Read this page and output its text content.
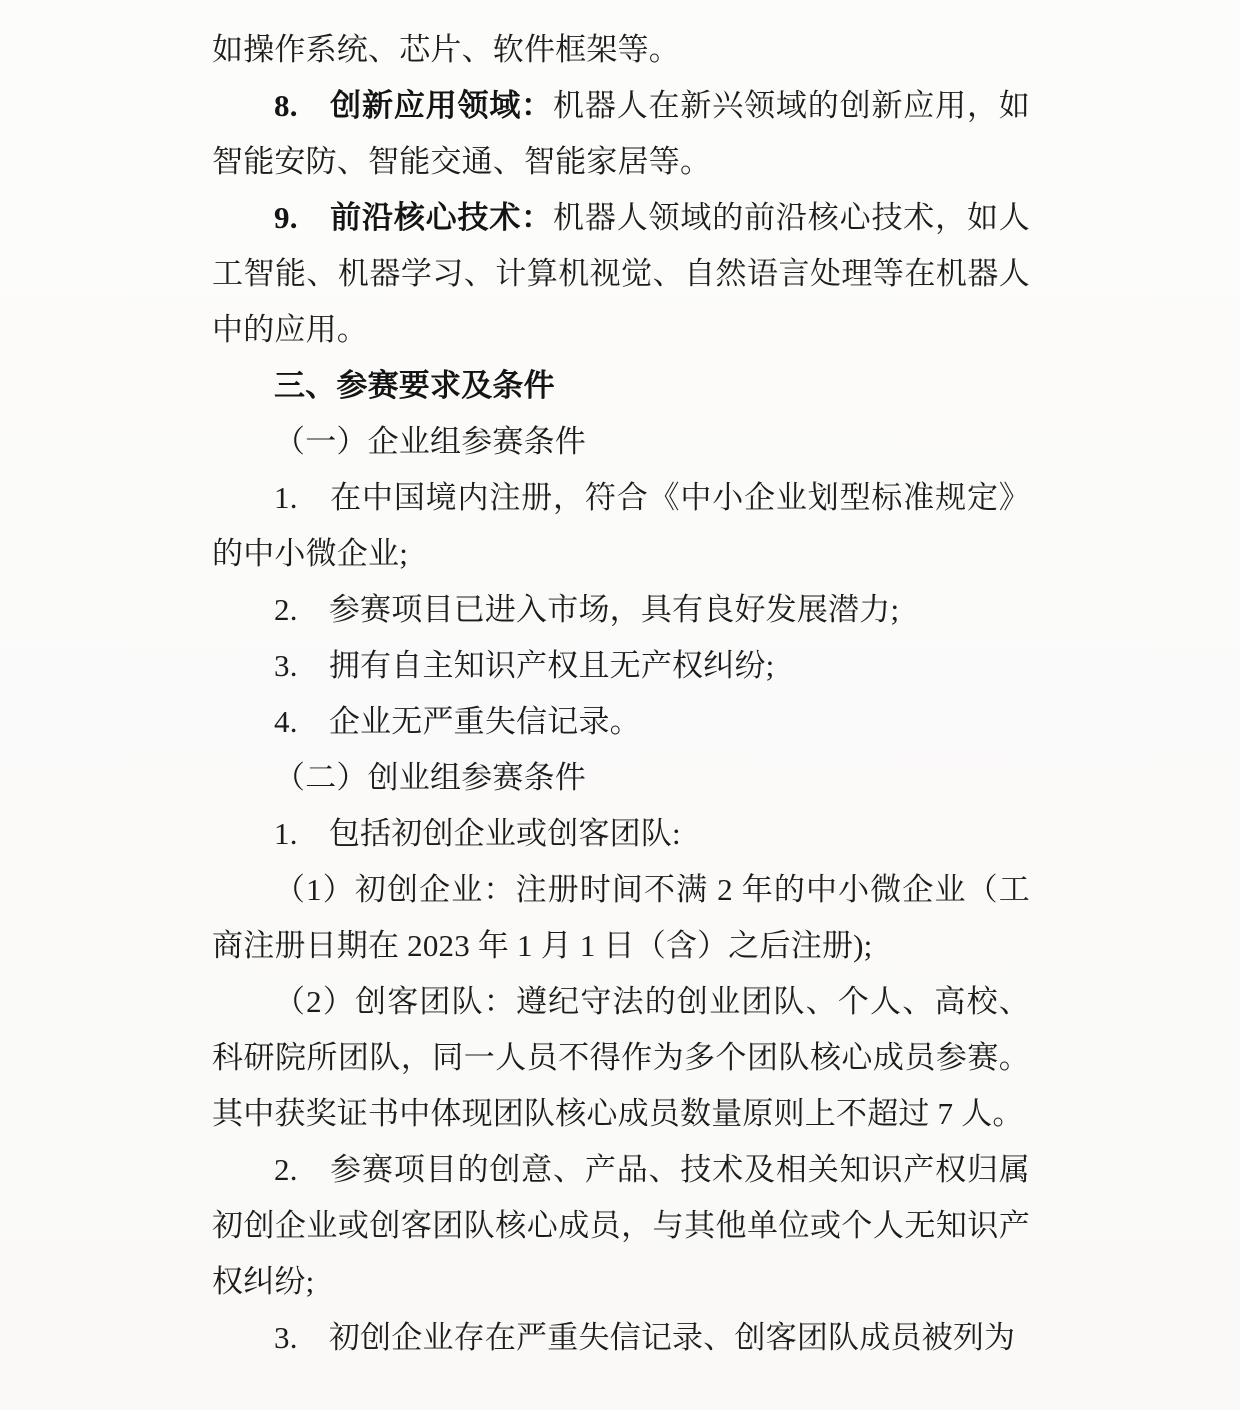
如操作系统、芯片、软件框架等。

8.　创新应用领域：机器人在新兴领域的创新应用，如智能安防、智能交通、智能家居等。

9.　前沿核心技术：机器人领域的前沿核心技术，如人工智能、机器学习、计算机视觉、自然语言处理等在机器人中的应用。

三、参赛要求及条件

（一）企业组参赛条件

1.　在中国境内注册，符合《中小企业划型标准规定》的中小微企业;

2.　参赛项目已进入市场，具有良好发展潜力;

3.　拥有自主知识产权且无产权纠纷;

4.　企业无严重失信记录。

（二）创业组参赛条件

1.　包括初创企业或创客团队:

（1）初创企业：注册时间不满 2 年的中小微企业（工商注册日期在 2023 年 1 月 1 日（含）之后注册);

（2）创客团队：遵纪守法的创业团队、个人、高校、科研院所团队，同一人员不得作为多个团队核心成员参赛。其中获奖证书中体现团队核心成员数量原则上不超过 7 人。

2.　参赛项目的创意、产品、技术及相关知识产权归属初创企业或创客团队核心成员，与其他单位或个人无知识产权纠纷;

3.　初创企业存在严重失信记录、创客团队成员被列为
